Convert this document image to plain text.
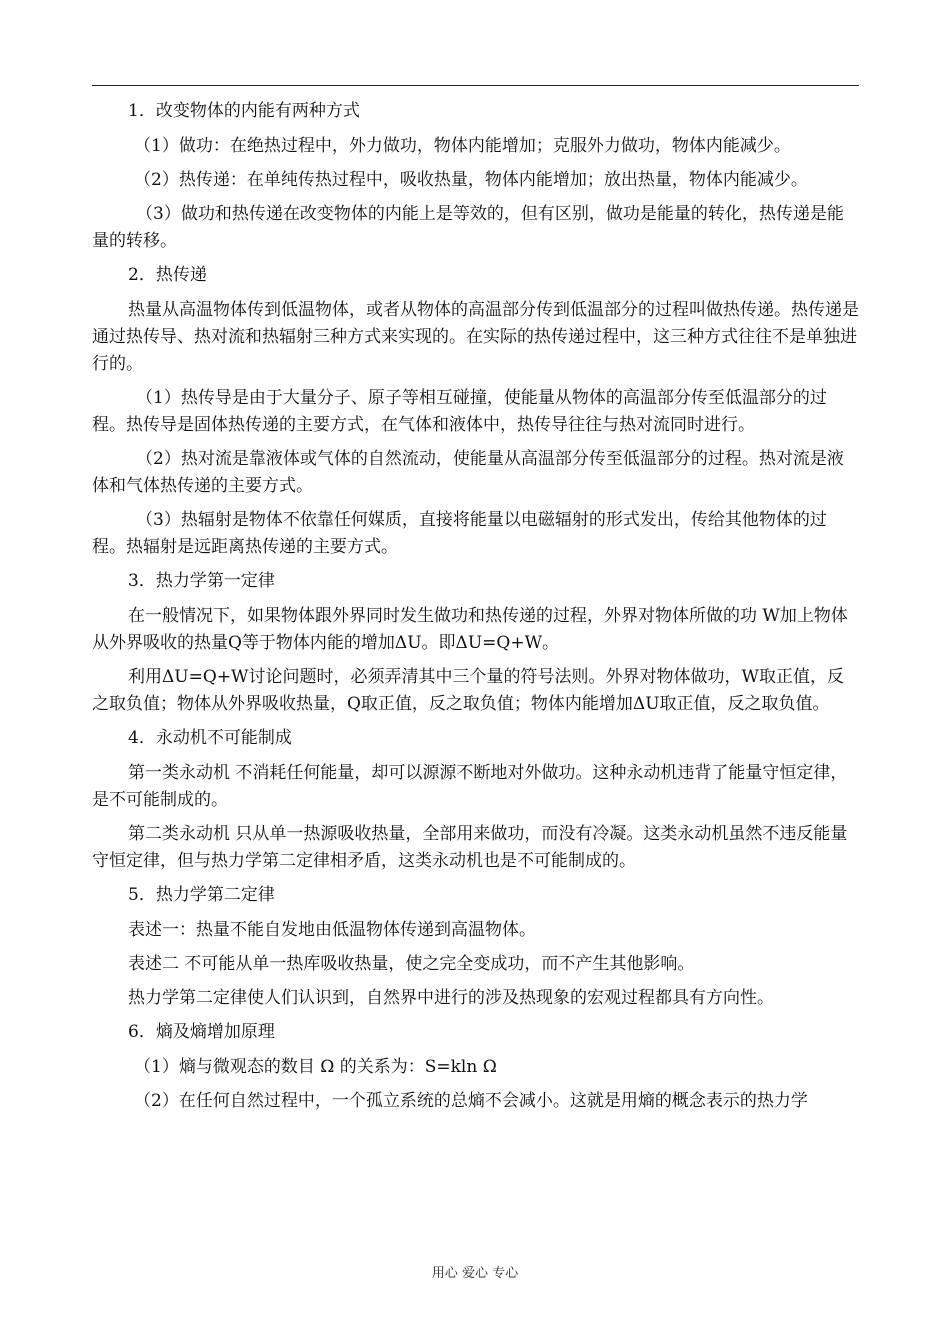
1．改变物体的内能有两种方式

（1）做功：在绝热过程中，外力做功，物体内能增加；克服外力做功，物体内能减少。

（2）热传递：在单纯传热过程中，吸收热量，物体内能增加；放出热量，物体内能减少。

（3）做功和热传递在改变物体的内能上是等效的，但有区别，做功是能量的转化，热传递是能量的转移。

2．热传递

热量从高温物体传到低温物体，或者从物体的高温部分传到低温部分的过程叫做热传递。热传递是通过热传导、热对流和热辐射三种方式来实现的。在实际的热传递过程中，这三种方式往往不是单独进行的。

（1）热传导是由于大量分子、原子等相互碰撞，使能量从物体的高温部分传至低温部分的过程。热传导是固体热传递的主要方式，在气体和液体中，热传导往往与热对流同时进行。

（2）热对流是靠液体或气体的自然流动，使能量从高温部分传至低温部分的过程。热对流是液体和气体热传递的主要方式。

（3）热辐射是物体不依靠任何媒质，直接将能量以电磁辐射的形式发出，传给其他物体的过程。热辐射是远距离热传递的主要方式。

3．热力学第一定律

在一般情况下，如果物体跟外界同时发生做功和热传递的过程，外界对物体所做的功 W加上物体从外界吸收的热量Q等于物体内能的增加ΔU。即ΔU=Q+W。

利用ΔU=Q+W讨论问题时，必须弄清其中三个量的符号法则。外界对物体做功，W取正值，反之取负值；物体从外界吸收热量，Q取正值，反之取负值；物体内能增加ΔU取正值，反之取负值。

4．永动机不可能制成

第一类永动机 不消耗任何能量，却可以源源不断地对外做功。这种永动机违背了能量守恒定律，是不可能制成的。

第二类永动机 只从单一热源吸收热量，全部用来做功，而没有冷凝。这类永动机虽然不违反能量守恒定律，但与热力学第二定律相矛盾，这类永动机也是不可能制成的。

5．热力学第二定律

表述一：热量不能自发地由低温物体传递到高温物体。

表述二 不可能从单一热库吸收热量，使之完全变成功，而不产生其他影响。

热力学第二定律使人们认识到，自然界中进行的涉及热现象的宏观过程都具有方向性。

6．熵及熵增加原理

（1）熵与微观态的数目 Ω 的关系为：S=kln Ω

（2）在任何自然过程中，一个孤立系统的总熵不会减小。这就是用熵的概念表示的热力学

用心 爱心 专心
